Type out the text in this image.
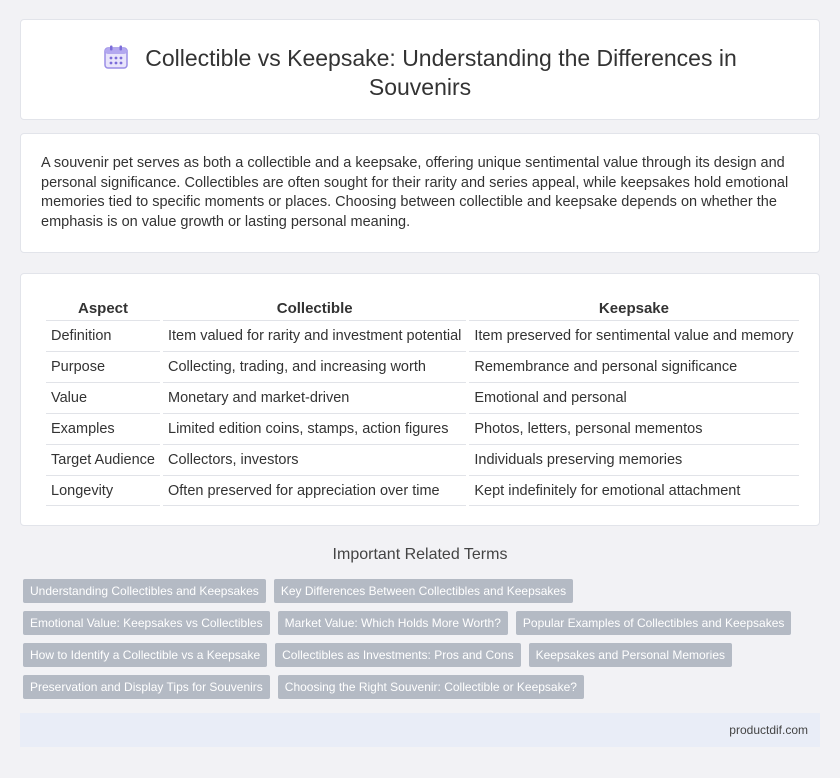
Collectible vs Keepsake: Understanding the Differences in Souvenirs

A souvenir pet serves as both a collectible and a keepsake, offering unique sentimental value through its design and personal significance. Collectibles are often sought for their rarity and series appeal, while keepsakes hold emotional memories tied to specific moments or places. Choosing between collectible and keepsake depends on whether the emphasis is on value growth or lasting personal meaning.

Aspect	Collectible	Keepsake
Definition	Item valued for rarity and investment potential	Item preserved for sentimental value and memory
Purpose	Collecting, trading, and increasing worth	Remembrance and personal significance
Value	Monetary and market-driven	Emotional and personal
Examples	Limited edition coins, stamps, action figures	Photos, letters, personal mementos
Target Audience	Collectors, investors	Individuals preserving memories
Longevity	Often preserved for appreciation over time	Kept indefinitely for emotional attachment
Important Related Terms
Understanding Collectibles and Keepsakes	Key Differences Between Collectibles and Keepsakes
Emotional Value: Keepsakes vs Collectibles	Market Value: Which Holds More Worth?	Popular Examples of Collectibles and Keepsakes
How to Identify a Collectible vs a Keepsake	Collectibles as Investments: Pros and Cons	Keepsakes and Personal Memories
Preservation and Display Tips for Souvenirs	Choosing the Right Souvenir: Collectible or Keepsake?
productdif.com
